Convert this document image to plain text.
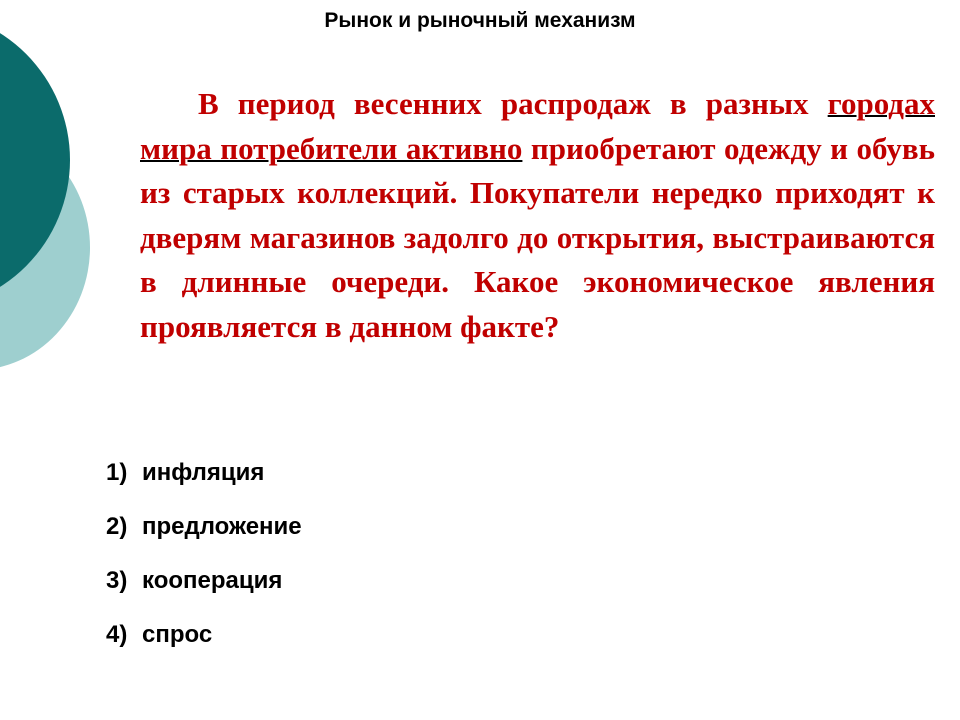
Рынок и рыночный механизм

В период весенних распродаж в разных городах мира потребители активно приобретают одежду и обувь из старых коллекций. Покупатели нередко приходят к дверям магазинов задолго до открытия, выстраиваются в длинные очереди. Какое экономическое явления проявляется в данном факте?

1) инфляция
2) предложение
3) кооперация
4) спрос
